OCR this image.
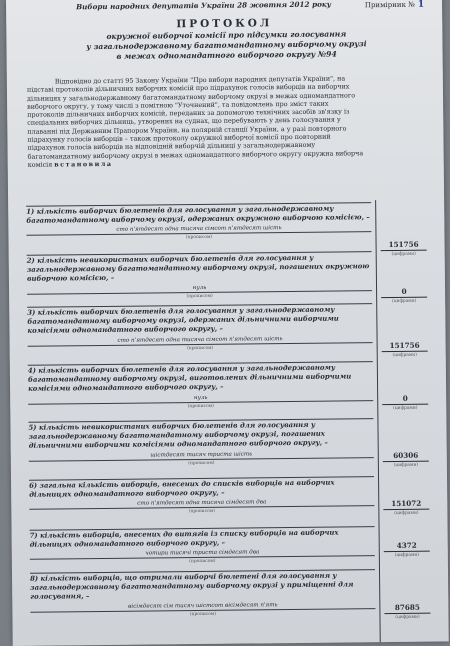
Вибори народних депутатів України 28 жовтня 2012 року	Примірник № 1
ПРОТОКОЛ
окружної виборчої комісії про підсумки голосування
у загальнодержавному багатомандатному виборчому окрузі
в межах одномандатного виборчого округу №94
Відповідно до статті 95 Закону України "Про вибори народних депутатів України", на
підставі протоколів дільничних виборчих комісій про підрахунок голосів виборців на виборчих
дільницях у загальнодержавному багатомандатному виборчому окрузі в межах одномандатного
виборчого округу, у тому числі з помітною "Уточнений", та повідомлень про зміст таких
протоколів дільничних виборчих комісій, переданих за допомогою технічних засобів зв'язку із
спеціальних виборчих дільниць, утворених на суднах, що перебувають у день голосування у
плаванні під Державним Прапором України, на полярній станції України, а у разі повторного
підрахунку голосів виборців – також протоколу окружної виборчої комісії про повторний
підрахунок голосів виборців на відповідній виборчій дільниці у загальнодержавному
багатомандатному виборчому окрузі в межах одномандатного виборчого округу окружна виборча
комісія встановила

1) кількість виборчих бюлетенів для голосування у загальнодержавному багатомандатному виборчому окрузі, одержаних окружною виборчою комісією, –

сто п'ятдесят одна тисяча сімсот п'ятдесят шість
(прописом)
151756
(цифрами)

2) кількість невикористаних виборчих бюлетенів для голосування у загальнодержавному багатомандатному виборчому окрузі, погашених окружною виборчою комісією, –

нуль
(прописом)
0
(цифрами)

3) кількість виборчих бюлетенів для голосування у загальнодержавному багатомандатному виборчому окрузі, одержаних дільничними виборчими комісіями одномандатного виборчого округу, –

сто п'ятдесят одна тисяча сімсот п'ятдесят шість
(прописом)	151756
(цифрами)

4) кількість виборчих бюлетенів для голосування у загальнодержавному багатомандатному виборчому окрузі, виготовлених дільничними виборчими комісіями одномандатного виборчого округу, –

нуль
(прописом)
0
(цифрами)

5) кількість невикористаних виборчих бюлетенів для голосування у загальнодержавному багатомандатному виборчому окрузі, погашених дільничними виборчими комісіями одномандатного виборчого округу, –

шістдесят тисяч триста шість
(прописом)
60306
(цифрами)

6) загальна кількість виборців, внесених до списків виборців на виборчих дільницях одномандатного виборчого округу, –

сто п'ятдесят одна тисяча сімдесят два
(прописом)
151072
(цифрами)

7) кількість виборців, внесених до витягів із списку виборців на виборчих дільницях одномандатного виборчого округу, –

чотири тисячі триста сімдесят два
(прописом)
4372
(цифрами)

8) кількість виборців, що отримали виборчі бюлетені для голосування у загальнодержавному багатомандатному виборчому окрузі у приміщенні для голосування, –

вісімдесят сім тисяч шістсот вісімдесят п'ять
(прописом)
87685
(цифрами)
